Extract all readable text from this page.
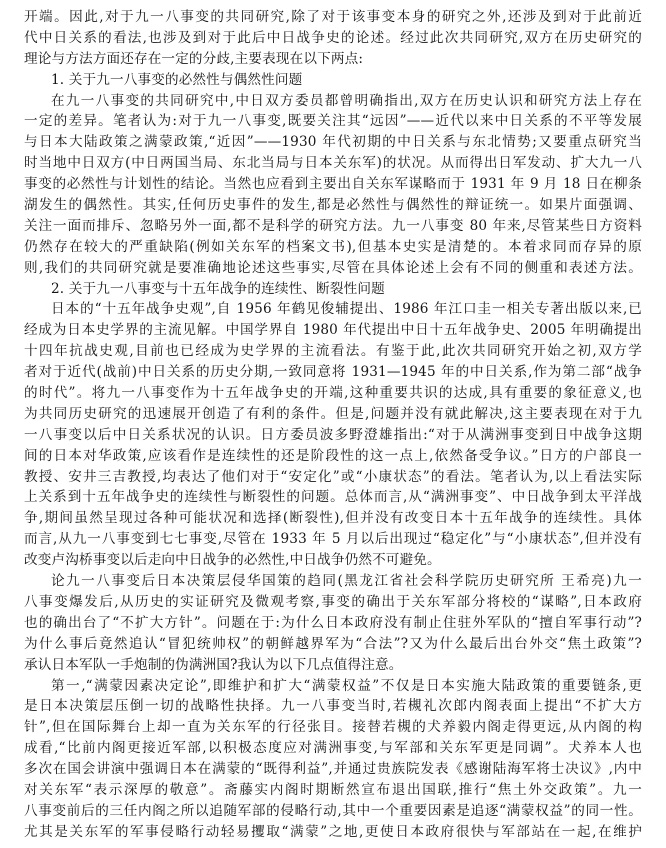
开端。因此,对于九一八事变的共同研究,除了对于该事变本身的研究之外,还涉及到对于此前近
代中日关系的看法,也涉及到对于此后中日战争史的论述。经过此次共同研究,双方在历史研究的
理论与方法方面还存在一定的分歧,主要表现在以下两点:
1. 关于九一八事变的必然性与偶然性问题
在九一八事变的共同研究中,中日双方委员都曾明确指出,双方在历史认识和研究方法上存在
一定的差异。笔者认为:对于九一八事变,既要关注其“远因”——近代以来中日关系的不平等发展
与日本大陆政策之满蒙政策,“近因”——1930 年代初期的中日关系与东北情势;又要重点研究当
时当地中日双方(中日两国当局、东北当局与日本关东军)的状况。从而得出日军发动、扩大九一八
事变的必然性与计划性的结论。当然也应看到主要出自关东军谋略而于 1931 年 9 月 18 日在柳条
湖发生的偶然性。其实,任何历史事件的发生,都是必然性与偶然性的辩证统一。如果片面强调、
关注一面而排斥、忽略另外一面,都不是科学的研究方法。九一八事变 80 年来,尽管某些日方资料
仍然存在较大的严重缺陷(例如关东军的档案文书),但基本史实是清楚的。本着求同而存异的原
则,我们的共同研究就是要准确地论述这些事实,尽管在具体论述上会有不同的侧重和表述方法。
2. 关于九一八事变与十五年战争的连续性、断裂性问题
日本的“十五年战争史观”,自 1956 年鹤见俊辅提出、1986 年江口圭一相关专著出版以来,已
经成为日本史学界的主流见解。中国学界自 1980 年代提出中日十五年战争史、2005 年明确提出
十四年抗战史观,目前也已经成为史学界的主流看法。有鉴于此,此次共同研究开始之初,双方学
者对于近代(战前)中日关系的历史分期,一致同意将 1931—1945 年的中日关系,作为第二部“战争
的时代”。将九一八事变作为十五年战争史的开端,这种重要共识的达成,具有重要的象征意义,也
为共同历史研究的迅速展开创造了有利的条件。但是,问题并没有就此解决,这主要表现在对于九
一八事变以后中日关系状况的认识。日方委员波多野澄雄指出:“对于从满洲事变到日中战争这期
间的日本对华政策,应该看作是连续性的还是阶段性的这一点上,依然备受争议。”日方的户部良一
教授、安井三吉教授,均表达了他们对于“安定化”或“小康状态”的看法。笔者认为,以上看法实际
上关系到十五年战争史的连续性与断裂性的问题。总体而言,从“满洲事变”、中日战争到太平洋战
争,期间虽然呈现过各种可能状况和选择(断裂性),但并没有改变日本十五年战争的连续性。具体
而言,从九一八事变到七七事变,尽管在 1933 年 5 月以后出现过“稳定化”与“小康状态”,但并没有
改变卢沟桥事变以后走向中日战争的必然性,中日战争仍然不可避免。
论九一八事变后日本决策层侵华国策的趋同(黑龙江省社会科学院历史研究所 王希亮)九一
八事变爆发后,从历史的实证研究及微观考察,事变的确出于关东军部分将校的“谋略”,日本政府
也的确出台了“不扩大方针”。问题在于:为什么日本政府没有制止住驻外军队的“擅自军事行动”?
为什么事后竟然追认“冒犯统帅权”的朝鲜越界军为“合法”?又为什么最后出台外交“焦土政策”?
承认日本军队一手炮制的伪满洲国?我认为以下几点值得注意。
第一,“满蒙因素决定论”,即维护和扩大“满蒙权益”不仅是日本实施大陆政策的重要链条,更
是日本决策层压倒一切的战略性抉择。九一八事变当时,若槻礼次郎内阁表面上提出“不扩大方
针”,但在国际舞台上却一直为关东军的行径张目。接替若槻的犬养毅内阁走得更远,从内阁的构
成看,“比前内阁更接近军部,以积极态度应对满洲事变,与军部和关东军更是同调”。犬养本人也
多次在国会讲演中强调日本在满蒙的“既得利益”,并通过贵族院发表《感谢陆海军将士决议》,内中
对关东军“表示深厚的敬意”。斋藤实内阁时期断然宣布退出国联,推行“焦土外交政策”。九一
八事变前后的三任内阁之所以追随军部的侵略行动,其中一个重要因素是追逐“满蒙权益”的同一性。
尤其是关东军的军事侵略行动轻易攫取“满蒙”之地,更使日本政府很快与军部站在一起,在维护
